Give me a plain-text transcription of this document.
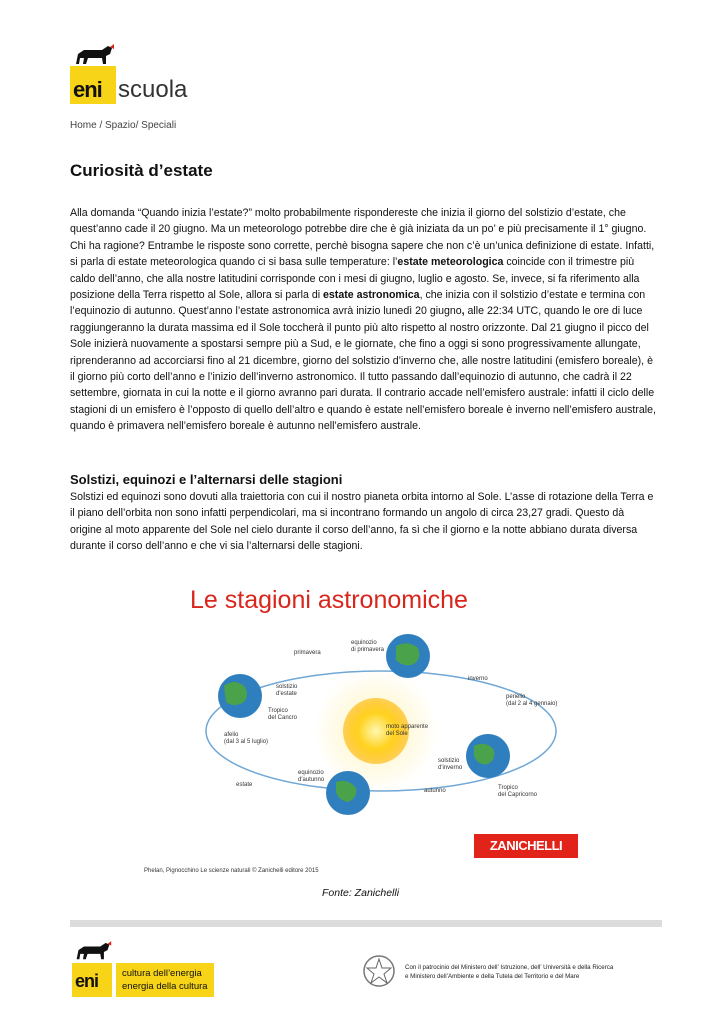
eni scuola
Home / Spazio/ Speciali
Curiosità d’estate

Alla domanda “Quando inizia l’estate?” molto probabilmente rispondereste che inizia il giorno del solstizio d’estate, che quest’anno cade il 20 giugno. Ma un meteorologo potrebbe dire che è già iniziata da un po’ e più precisamente il 1° giugno. Chi ha ragione? Entrambe le risposte sono corrette, perchè bisogna sapere che non c’è un’unica definizione di estate. Infatti, si parla di estate meteorologica quando ci si basa sulle temperature: l’estate meteorologica coincide con il trimestre più caldo dell’anno, che alla nostre latitudini corrisponde con i mesi di giugno, luglio e agosto. Se, invece, si fa riferimento alla posizione della Terra rispetto al Sole, allora si parla di estate astronomica, che inizia con il solstizio d’estate e termina con l’equinozio di autunno. Quest’anno l’estate astronomica avrà inizio lunedì 20 giugno, alle 22:34 UTC, quando le ore di luce raggiungeranno la durata massima ed il Sole toccherà il punto più alto rispetto al nostro orizzonte. Dal 21 giugno il picco del Sole inizierà nuovamente a spostarsi sempre più a Sud, e le giornate, che fino a oggi si sono progressivamente allungate, riprenderanno ad accorciarsi fino al 21 dicembre, giorno del solstizio d’inverno che, alle nostre latitudini (emisfero boreale), è il giorno più corto dell’anno e l’inizio dell’inverno astronomico. Il tutto passando dall’equinozio di autunno, che cadrà il 22 settembre, giornata in cui la notte e il giorno avranno pari durata. Il contrario accade nell’emisfero australe: infatti il ciclo delle stagioni di un emisfero è l’opposto di quello dell’altro e quando è estate nell’emisfero boreale è inverno nell’emisfero australe, quando è primavera nell’emisfero boreale è autunno nell’emisfero australe.

Solstizi, equinozi e l’alternarsi delle stagioni

Solstizi ed equinozi sono dovuti alla traiettoria con cui il nostro pianeta orbita intorno al Sole. L’asse di rotazione della Terra e il piano dell’orbita non sono infatti perpendicolari, ma si incontrano formando un angolo di circa 23,27 gradi. Questo dà origine al moto apparente del Sole nel cielo durante il corso dell’anno, fa sì che il giorno e la notte abbiano durata diversa durante il corso dell’anno e che vi sia l’alternarsi delle stagioni.

Le stagioni astronomiche
primavera
equinozio
di primavera
inverno
solstizio
d'estate
Tropico
del Cancro
afelio
(dal 3 al 5 luglio)
perielio
(dal 2 al 4 gennaio)
estate
equinozio
d'autunno
solstizio
d'inverno
autunno	Tropico
del Capricorno
moto apparente
del Sole
ZANICHELLI
Phelan, Pignocchino Le scienze naturali © Zanichelli editore 2015
Fonte: Zanichelli
eni	cultura dell’energia
energia della cultura
Con il patrocinio del Ministero dell’ Istruzione, dell’ Università e della Ricerca
e Ministero dell’Ambiente e della Tutela del Territorio e del Mare
